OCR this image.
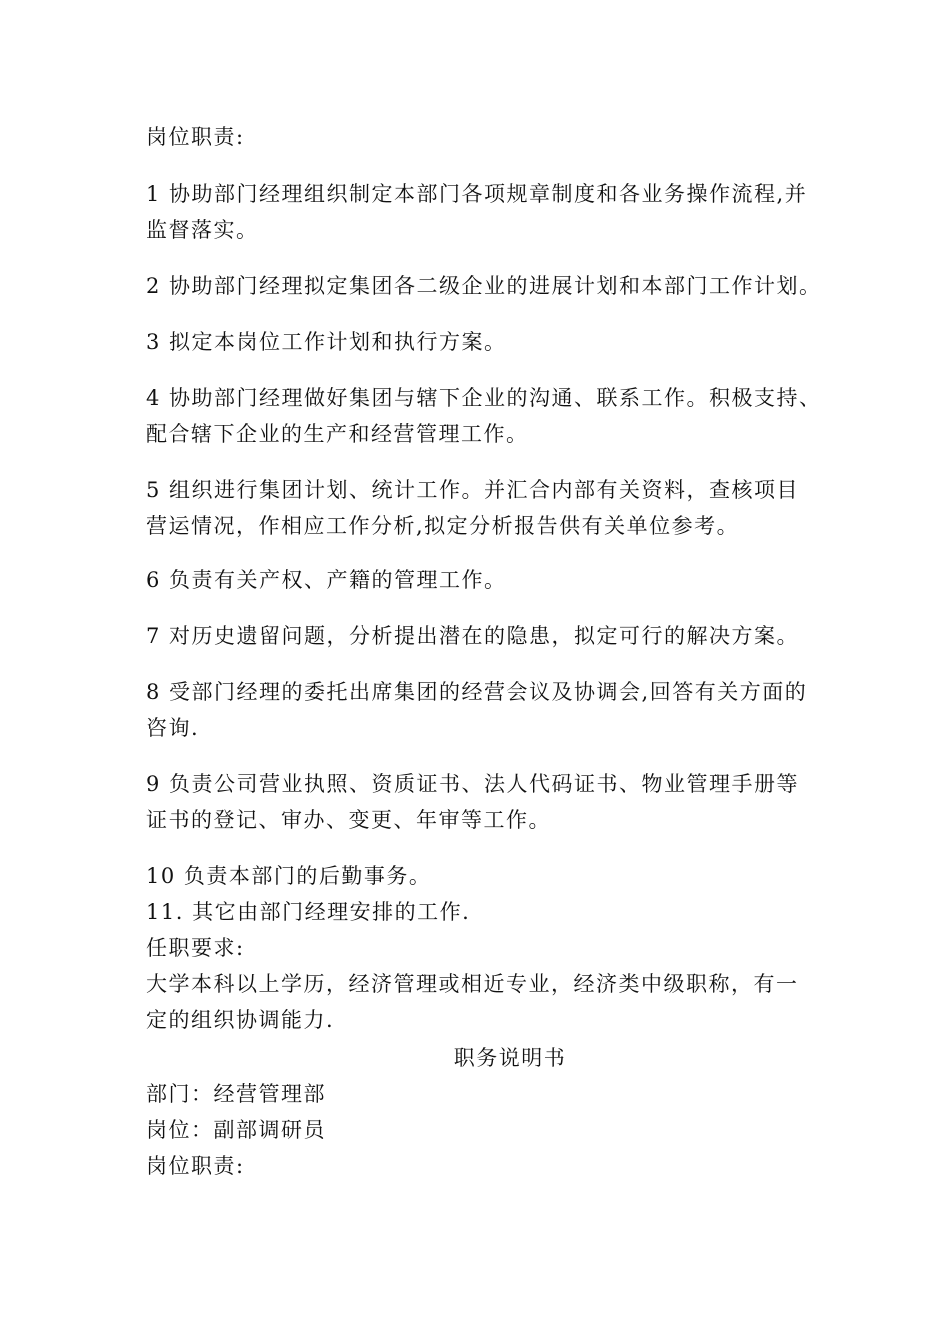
岗位职责:
1 协助部门经理组织制定本部门各项规章制度和各业务操作流程,并
监督落实。
2 协助部门经理拟定集团各二级企业的进展计划和本部门工作计划。
3 拟定本岗位工作计划和执行方案。
4 协助部门经理做好集团与辖下企业的沟通、联系工作。积极支持、
配合辖下企业的生产和经营管理工作。
5 组织进行集团计划、统计工作。并汇合内部有关资料，查核项目
营运情况，作相应工作分析,拟定分析报告供有关单位参考。
6 负责有关产权、产籍的管理工作。
7 对历史遗留问题，分析提出潜在的隐患，拟定可行的解决方案。
8 受部门经理的委托出席集团的经营会议及协调会,回答有关方面的
咨询.
9 负责公司营业执照、资质证书、法人代码证书、物业管理手册等
证书的登记、审办、变更、年审等工作。
10 负责本部门的后勤事务。
11. 其它由部门经理安排的工作.
任职要求:
大学本科以上学历，经济管理或相近专业，经济类中级职称，有一
定的组织协调能力.
职务说明书
部门：经营管理部
岗位：副部调研员
岗位职责:
